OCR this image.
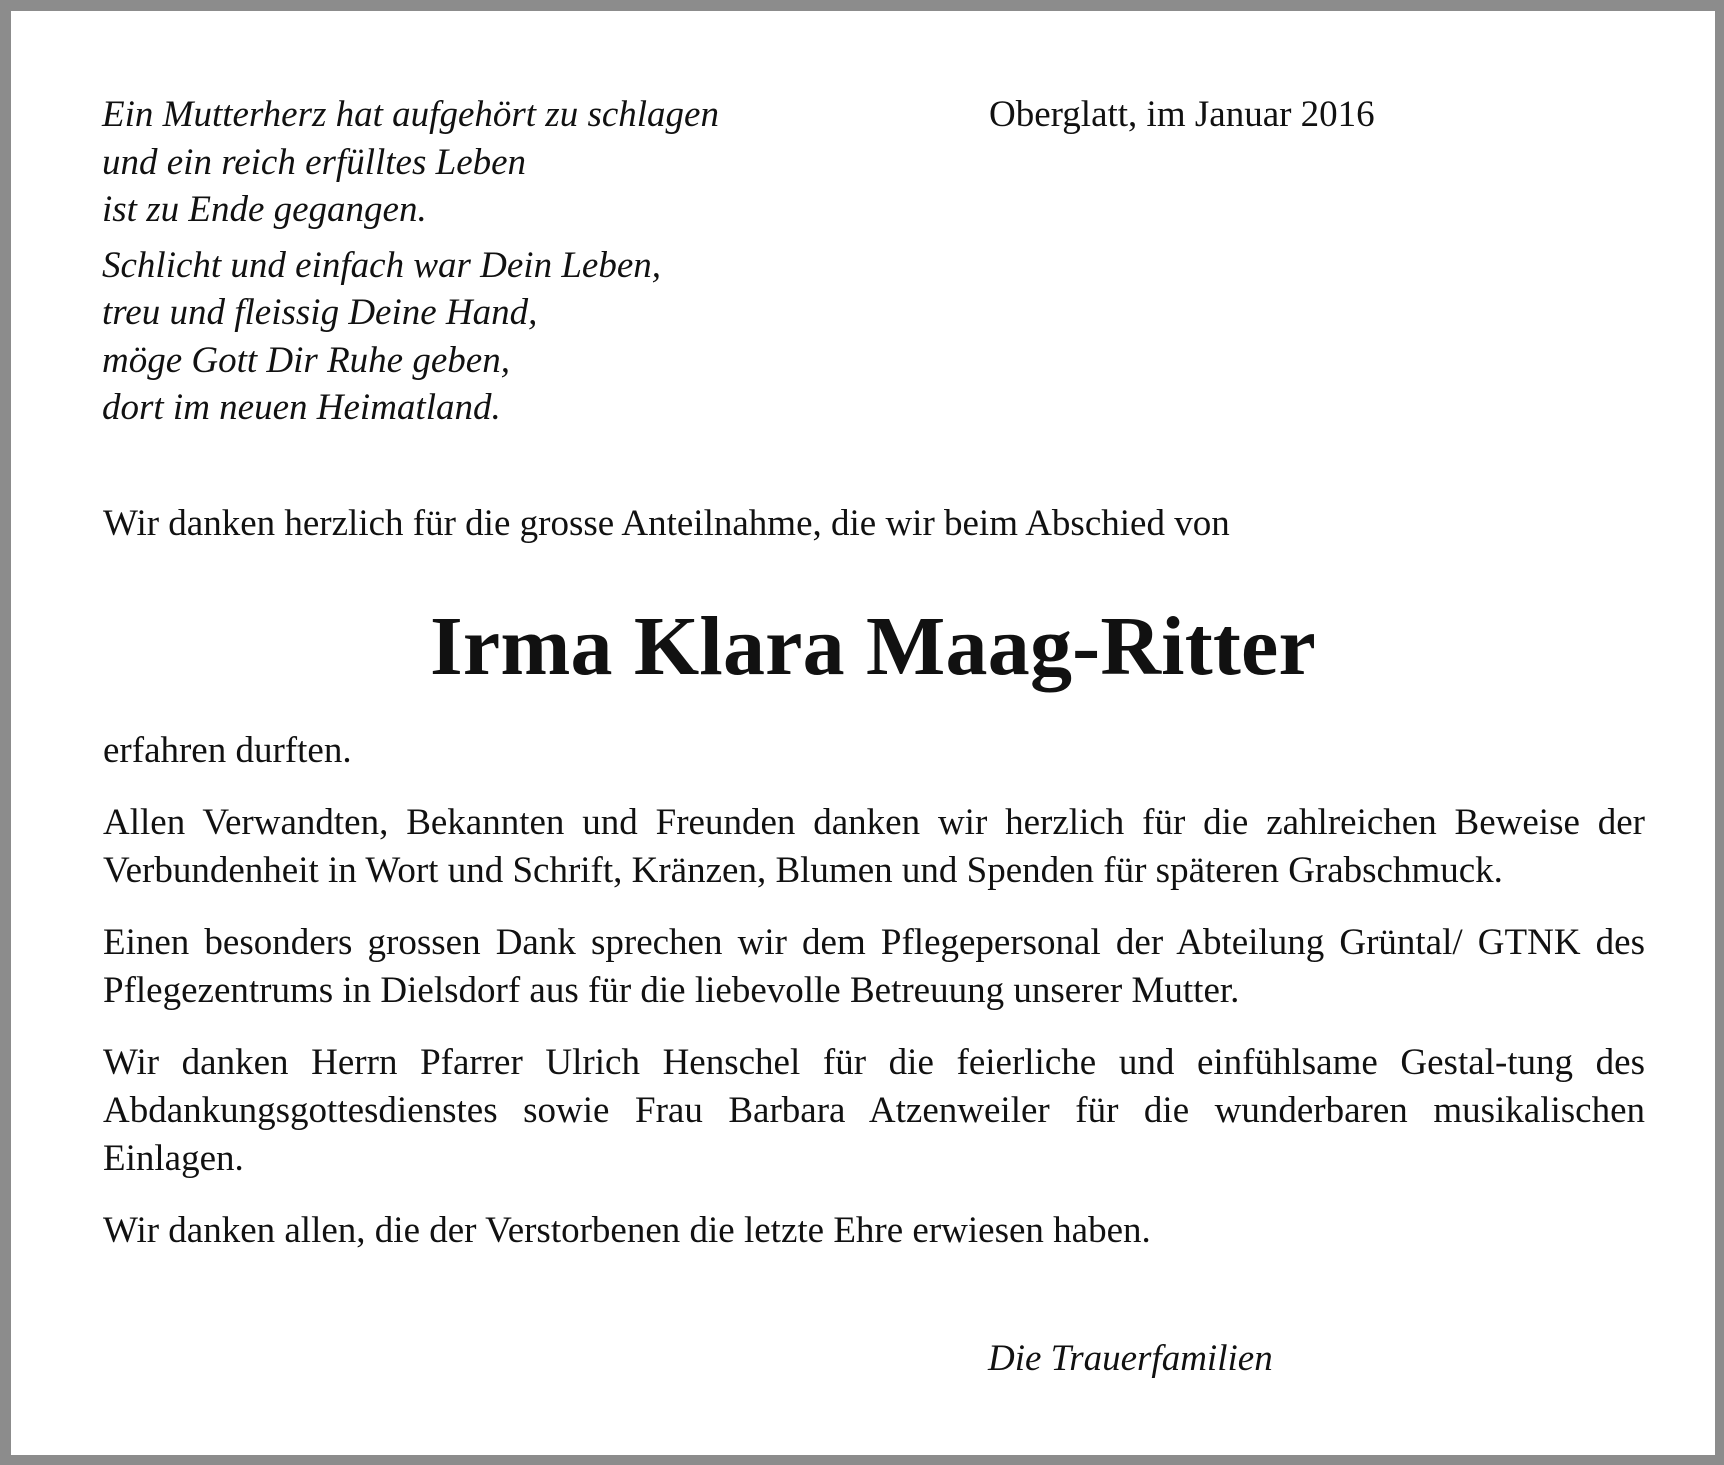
Ein Mutterherz hat aufgehört zu schlagen
und ein reich erfülltes Leben
ist zu Ende gegangen.
Schlicht und einfach war Dein Leben,
treu und fleissig Deine Hand,
möge Gott Dir Ruhe geben,
dort im neuen Heimatland.
Oberglatt, im Januar 2016
Wir danken herzlich für die grosse Anteilnahme, die wir beim Abschied von
Irma Klara Maag-Ritter
erfahren durften.

Allen Verwandten, Bekannten und Freunden danken wir herzlich für die zahlreichen Beweise der Verbundenheit in Wort und Schrift, Kränzen, Blumen und Spenden für späteren Grabschmuck.

Einen besonders grossen Dank sprechen wir dem Pflegepersonal der Abteilung Grüntal/ GTNK des Pflegezentrums in Dielsdorf aus für die liebevolle Betreuung unserer Mutter.

Wir danken Herrn Pfarrer Ulrich Henschel für die feierliche und einfühlsame Gestal-tung des Abdankungsgottesdienstes sowie Frau Barbara Atzenweiler für die wunderbaren musikalischen Einlagen.

Wir danken allen, die der Verstorbenen die letzte Ehre erwiesen haben.

Die Trauerfamilien
